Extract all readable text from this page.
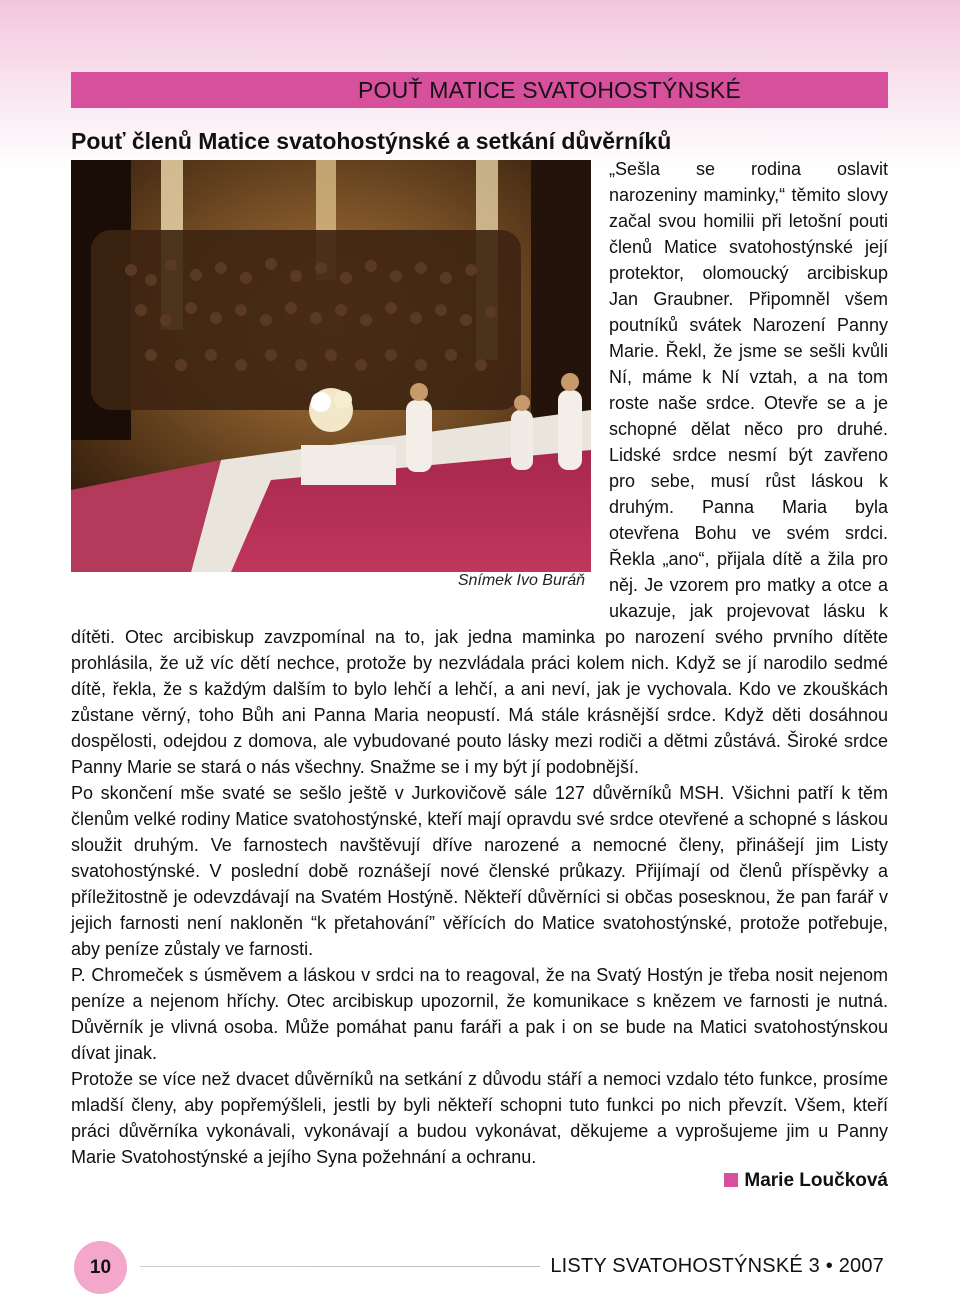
POUŤ MATICE SVATOHOSTÝNSKÉ
Pouť členů Matice svatohostýnské a setkání důvěrníků
Snímek Ivo Buráň

„Sešla se rodina oslavit narozeniny maminky,“ těmito slovy začal svou homilii při letošní pouti členů Matice svatohostýnské její protektor, olomoucký arcibiskup Jan Graubner. Připomněl všem poutníků svátek Narození Panny Marie. Řekl, že jsme se sešli kvůli Ní, máme k Ní vztah, a na tom roste naše srdce. Otevře se a je schopné dělat něco pro druhé. Lidské srdce nesmí být zavřeno pro sebe, musí růst láskou k druhým. Panna Maria byla otevřena Bohu ve svém srdci. Řekla „ano“, přijala dítě a žila pro něj. Je vzorem pro matky a otce a ukazuje, jak projevovat lásku k dítěti. Otec arcibiskup zavzpomínal na to, jak jedna maminka po narození svého prvního dítěte prohlásila, že už víc dětí nechce, protože by nezvládala práci kolem nich. Když se jí narodilo sedmé dítě, řekla, že s každým dalším to bylo lehčí a lehčí, a ani neví, jak je vychovala. Kdo ve zkouškách zůstane věrný, toho Bůh ani Panna Maria neopustí. Má stále krásnější srdce. Když děti dosáhnou dospělosti, odejdou z domova, ale vybudované pouto lásky mezi rodiči a dětmi zůstává. Široké srdce Panny Marie se stará o nás všechny. Snažme se i my být jí podobnější.

Po skončení mše svaté se sešlo ještě v Jurkovičově sále 127 důvěrníků MSH. Všichni patří k těm členům velké rodiny Matice svatohostýnské, kteří mají opravdu své srdce otevřené a schopné s láskou sloužit druhým. Ve farnostech navštěvují dříve narozené a nemocné členy, přinášejí jim Listy svatohostýnské. V poslední době roznášejí nové členské průkazy. Přijímají od členů příspěvky a příležitostně je odevzdávají na Svatém Hostýně. Někteří důvěrníci si občas posesknou, že pan farář v jejich farnosti není nakloněn “k přetahování” věřících do Matice svatohostýnské, protože potřebuje, aby peníze zůstaly ve farnosti.

P. Chromeček s úsměvem a láskou v srdci na to reagoval, že na Svatý Hostýn je třeba nosit nejenom peníze a nejenom hříchy. Otec arcibiskup upozornil, že komunikace s knězem ve farnosti je nutná. Důvěrník je vlivná osoba. Může pomáhat panu faráři a pak i on se bude na Matici svatohostýnskou dívat jinak.

Protože se více než dvacet důvěrníků na setkání z důvodu stáří a nemoci vzdalo této funkce, prosíme mladší členy, aby popřemýšleli, jestli by byli někteří schopni tuto funkci po nich převzít. Všem, kteří práci důvěrníka vykonávali, vykonávají a budou vykonávat, děkujeme a vyprošujeme jim u Panny Marie Svatohostýnské a jejího Syna požehnání a ochranu.

Marie Loučková
10	LISTY SVATOHOSTÝNSKÉ 3 • 2007
